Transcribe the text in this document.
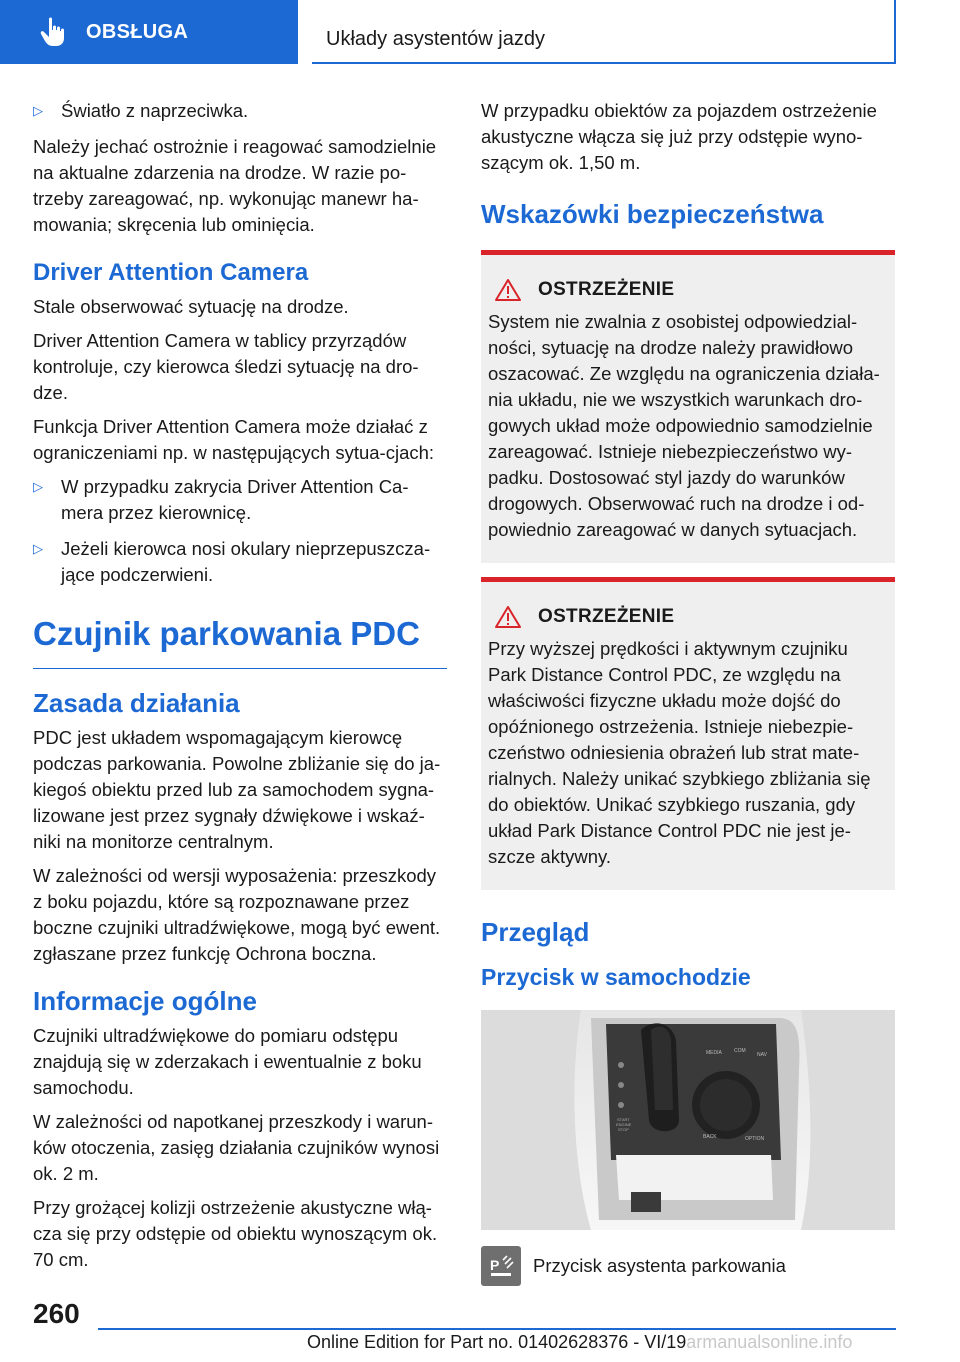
OBSŁUGA	Układy asystentów jazdy
▷ Światło z naprzeciwka.

Należy jechać ostrożnie i reagować samodzielnie na aktualne zdarzenia na drodze. W razie po-trzeby zareagować, np. wykonując manewr ha-mowania; skręcenia lub ominięcia.

Driver Attention Camera

Stale obserwować sytuację na drodze.

Driver Attention Camera w tablicy przyrządów kontroluje, czy kierowca śledzi sytuację na dro-dze.

Funkcja Driver Attention Camera może działać z ograniczeniami np. w następujących sytua-cjach:

▷ W przypadku zakrycia Driver Attention Ca-mera przez kierownicę.
▷ Jeżeli kierowca nosi okulary nieprzepuszcza-jące podczerwieni.
Czujnik parkowania PDC
Zasada działania

PDC jest układem wspomagającym kierowcę podczas parkowania. Powolne zbliżanie się do ja-kiegoś obiektu przed lub za samochodem sygna-lizowane jest przez sygnały dźwiękowe i wskaź-niki na monitorze centralnym.

W zależności od wersji wyposażenia: przeszkody z boku pojazdu, które są rozpoznawane przez boczne czujniki ultradźwiękowe, mogą być ewent. zgłaszane przez funkcję Ochrona boczna.

Informacje ogólne

Czujniki ultradźwiękowe do pomiaru odstępu znajdują się w zderzakach i ewentualnie z boku samochodu.

W zależności od napotkanej przeszkody i warun-ków otoczenia, zasięg działania czujników wynosi ok. 2 m.

Przy grożącej kolizji ostrzeżenie akustyczne włą-cza się przy odstępie od obiektu wynoszącym ok. 70 cm.

W przypadku obiektów za pojazdem ostrzeżenie akustyczne włącza się już przy odstępie wyno-szącym ok. 1,50 m.

Wskazówki bezpieczeństwa
OSTRZEŻENIE
System nie zwalnia z osobistej odpowiedzial-ności, sytuację na drodze należy prawidłowo oszacować. Ze względu na ograniczenia działa-nia układu, nie we wszystkich warunkach dro-gowych układ może odpowiednio samodzielnie zareagować. Istnieje niebezpieczeństwo wy-padku. Dostosować styl jazdy do warunków drogowych. Obserwować ruch na drodze i od-powiednio zareagować w danych sytuacjach.
OSTRZEŻENIE
Przy wyższej prędkości i aktywnym czujniku Park Distance Control PDC, ze względu na właściwości fizyczne układu może dojść do opóźnionego ostrzeżenia. Istnieje niebezpie-czeństwo odniesienia obrażeń lub strat mate-rialnych. Należy unikać szybkiego zbliżania się do obiektów. Unikać szybkiego ruszania, gdy układ Park Distance Control PDC nie jest je-szcze aktywny.
Przegląd
Przycisk w samochodzie
MEDIA COM
NAV
BACK	OPTION
START
ENGINE
STOP
P Przycisk asystenta parkowania
260
Online Edition for Part no. 01402628376 - VI/19armanualsonline.info
